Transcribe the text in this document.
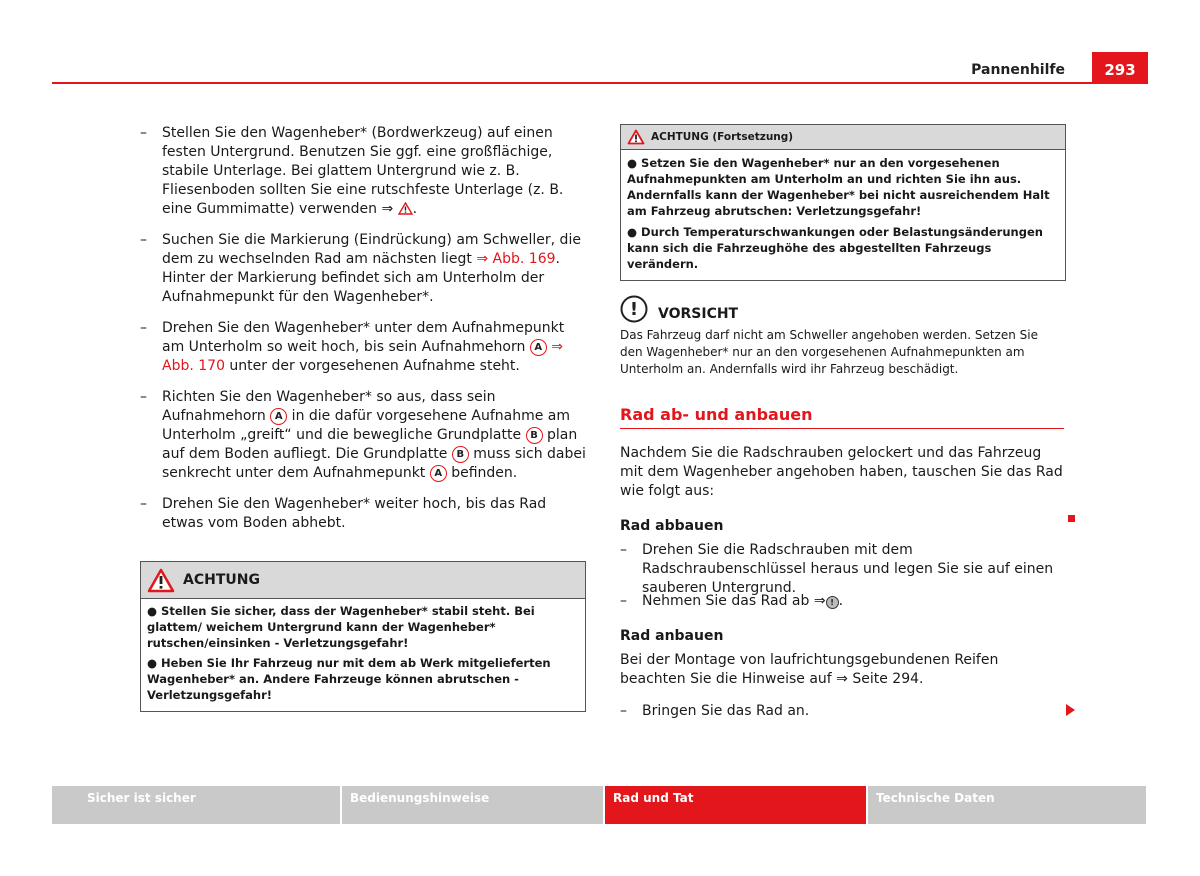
Pannenhilfe	293
– Stellen Sie den Wagenheber* (Bordwerkzeug) auf einen festen Untergrund. Benutzen Sie ggf. eine großflächige, stabile Unterlage. Bei glattem Untergrund wie z. B. Fliesenboden sollten Sie eine rutschfeste Unterlage (z. B. eine Gummimatte) verwenden ⇒ .
– Suchen Sie die Markierung (Eindrückung) am Schweller, die dem zu wechselnden Rad am nächsten liegt ⇒ Abb. 169. Hinter der Markierung befindet sich am Unterholm der Aufnahmepunkt für den Wagenheber*.
– Drehen Sie den Wagenheber* unter dem Aufnahmepunkt am Unterholm so weit hoch, bis sein Aufnahmehorn A ⇒ Abb. 170 unter der vorgesehenen Aufnahme steht.
– Richten Sie den Wagenheber* so aus, dass sein Aufnahmehorn A in die dafür vorgesehene Aufnahme am Unterholm „greift“ und die bewegliche Grundplatte B plan auf dem Boden aufliegt. Die Grundplatte B muss sich dabei senkrecht unter dem Aufnahmepunkt A befinden.
– Drehen Sie den Wagenheber* weiter hoch, bis das Rad etwas vom Boden abhebt.
ACHTUNG

● Stellen Sie sicher, dass der Wagenheber* stabil steht. Bei glattem/ weichem Untergrund kann der Wagenheber* rutschen/einsinken - Verletzungsgefahr!

● Heben Sie Ihr Fahrzeug nur mit dem ab Werk mitgelieferten Wagenheber* an. Andere Fahrzeuge können abrutschen - Verletzungsgefahr!

ACHTUNG (Fortsetzung)

● Setzen Sie den Wagenheber* nur an den vorgesehenen Aufnahmepunkten am Unterholm an und richten Sie ihn aus. Andernfalls kann der Wagenheber* bei nicht ausreichendem Halt am Fahrzeug abrutschen: Verletzungsgefahr!

● Durch Temperaturschwankungen oder Belastungsänderungen kann sich die Fahrzeughöhe des abgestellten Fahrzeugs verändern.

! VORSICHT
Das Fahrzeug darf nicht am Schweller angehoben werden. Setzen Sie den Wagenheber* nur an den vorgesehenen Aufnahmepunkten am Unterholm an. Andernfalls wird ihr Fahrzeug beschädigt.
Rad ab- und anbauen
Nachdem Sie die Radschrauben gelockert und das Fahrzeug mit dem Wagenheber angehoben haben, tauschen Sie das Rad wie folgt aus:
Rad abbauen
– Drehen Sie die Radschrauben mit dem Radschraubenschlüssel heraus und legen Sie sie auf einen sauberen Untergrund.
– Nehmen Sie das Rad ab ⇒ ! .
Rad anbauen
Bei der Montage von laufrichtungsgebundenen Reifen beachten Sie die Hinweise auf ⇒ Seite 294.
– Bringen Sie das Rad an.
Sicher ist sicher	Bedienungshinweise	Rad und Tat	Technische Daten
